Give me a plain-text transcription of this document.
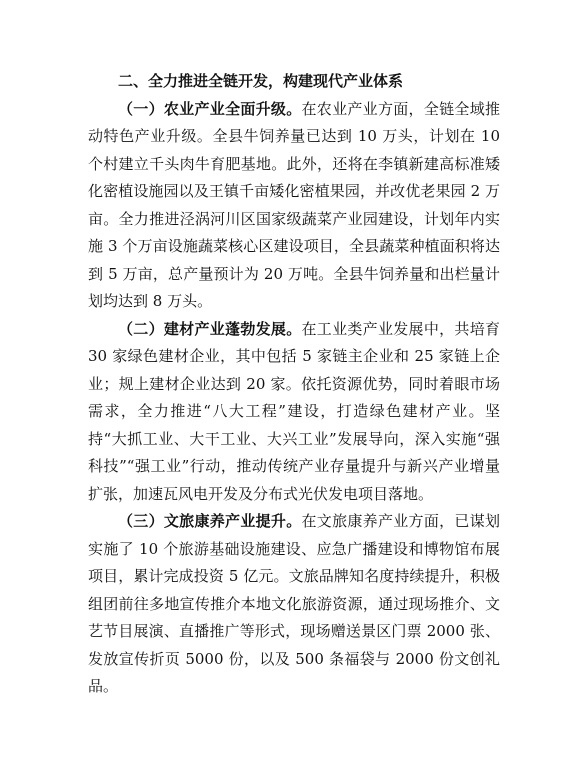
二、全力推进全链开发，构建现代产业体系

（一）农业产业全面升级。在农业产业方面，全链全域推动特色产业升级。全县牛饲养量已达到 10 万头，计划在 10 个村建立千头肉牛育肥基地。此外，还将在李镇新建高标准矮化密植设施园以及王镇千亩矮化密植果园，并改优老果园 2 万亩。全力推进泾涡河川区国家级蔬菜产业园建设，计划年内实施 3 个万亩设施蔬菜核心区建设项目，全县蔬菜种植面积将达到 5 万亩，总产量预计为 20 万吨。全县牛饲养量和出栏量计划均达到 8 万头。

（二）建材产业蓬勃发展。在工业类产业发展中，共培育 30 家绿色建材企业，其中包括 5 家链主企业和 25 家链上企业；规上建材企业达到 20 家。依托资源优势，同时着眼市场需求，全力推进“八大工程”建设，打造绿色建材产业。坚持“大抓工业、大干工业、大兴工业”发展导向，深入实施“强科技”“强工业”行动，推动传统产业存量提升与新兴产业增量扩张，加速瓦风电开发及分布式光伏发电项目落地。

（三）文旅康养产业提升。在文旅康养产业方面，已谋划实施了 10 个旅游基础设施建设、应急广播建设和博物馆布展项目，累计完成投资 5 亿元。文旅品牌知名度持续提升，积极组团前往多地宣传推介本地文化旅游资源，通过现场推介、文艺节目展演、直播推广等形式，现场赠送景区门票 2000 张、发放宣传折页 5000 份，以及 500 条福袋与 2000 份文创礼品。
